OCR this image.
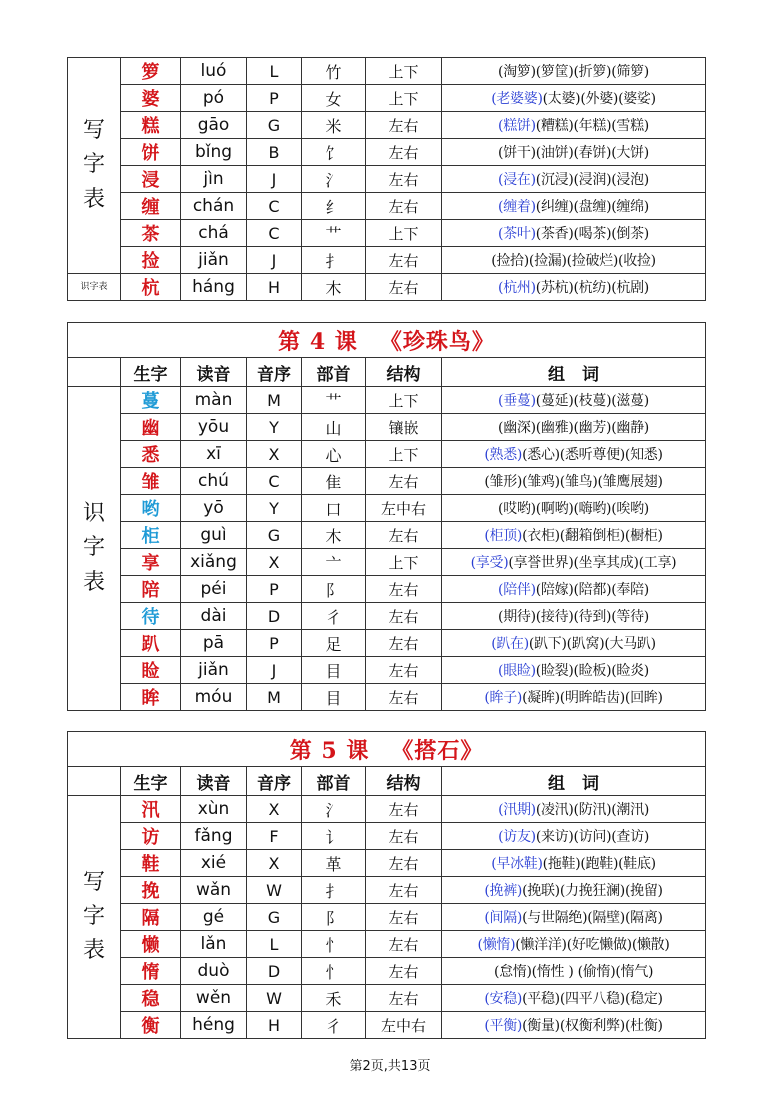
写
字
表	箩	luó	L	竹	上下	(淘箩)(箩筐)(折箩)(筛箩)
	婆	pó	P	女	上下	(老婆婆)(太婆)(外婆)(婆娑)
	糕	gāo	G	米	左右	(糕饼)(糟糕)(年糕)(雪糕)
	饼	bǐng	B	饣	左右	(饼干)(油饼)(春饼)(大饼)
	浸	jìn	J	氵	左右	(浸在)(沉浸)(浸润)(浸泡)
	缠	chán	C	纟	左右	(缠着)(纠缠)(盘缠)(缠绵)
	茶	chá	C	艹	上下	(茶叶)(茶香)(喝茶)(倒茶)
	捡	jiǎn	J	扌	左右	(捡拾)(捡漏)(捡破烂)(收捡)
识字表	杭	háng	H	木	左右	(杭州)(苏杭)(杭纺)(杭剧)
第 4 课 《珍珠鸟》						
	生字	读音	音序	部首	结构	组　词

识
字
表	蔓	màn	M	艹	上下	(垂蔓)(蔓延)(枝蔓)(滋蔓)
	幽	yōu	Y	山	镶嵌	(幽深)(幽雅)(幽芳)(幽静)
	悉	xī	X	心	上下	(熟悉)(悉心)(悉听尊便)(知悉)
	雏	chú	C	隹	左右	(雏形)(雏鸡)(雏鸟)(雏鹰展翅)
	哟	yō	Y	口	左中右	(哎哟)(啊哟)(嗨哟)(唉哟)
	柜	guì	G	木	左右	(柜顶)(衣柜)(翻箱倒柜)(橱柜)
	享	xiǎng	X	亠	上下	(享受)(享誉世界)(坐享其成)(工享)
	陪	péi	P	阝	左右	(陪伴)(陪嫁)(陪都)(奉陪)
	待	dài	D	彳	左右	(期待)(接待)(待到)(等待)
	趴	pā	P	足	左右	(趴在)(趴下)(趴窝)(大马趴)
	睑	jiǎn	J	目	左右	(眼睑)(睑裂)(睑板)(睑炎)
	眸	móu	M	目	左右	(眸子)(凝眸)(明眸皓齿)(回眸)
第 5 课 《搭石》						
	生字	读音	音序	部首	结构	组　词

写
字
表	汛	xùn	X	氵	左右	(汛期)(凌汛)(防汛)(潮汛)
	访	fǎng	F	讠	左右	(访友)(来访)(访问)(查访)
	鞋	xié	X	革	左右	(早冰鞋)(拖鞋)(跑鞋)(鞋底)
	挽	wǎn	W	扌	左右	(挽裤)(挽联)(力挽狂澜)(挽留)
	隔	gé	G	阝	左右	(间隔)(与世隔绝)(隔壁)(隔离)
	懒	lǎn	L	忄	左右	(懒惰)(懒洋洋)(好吃懒做)(懒散)
	惰	duò	D	忄	左右	(怠惰)(惰性 ) (偷惰)(惰气)
	稳	wěn	W	禾	左右	(安稳)(平稳)(四平八稳)(稳定)
	衡	héng	H	彳	左中右	(平衡)(衡量)(权衡利弊)(杜衡)
第2页,共13页
